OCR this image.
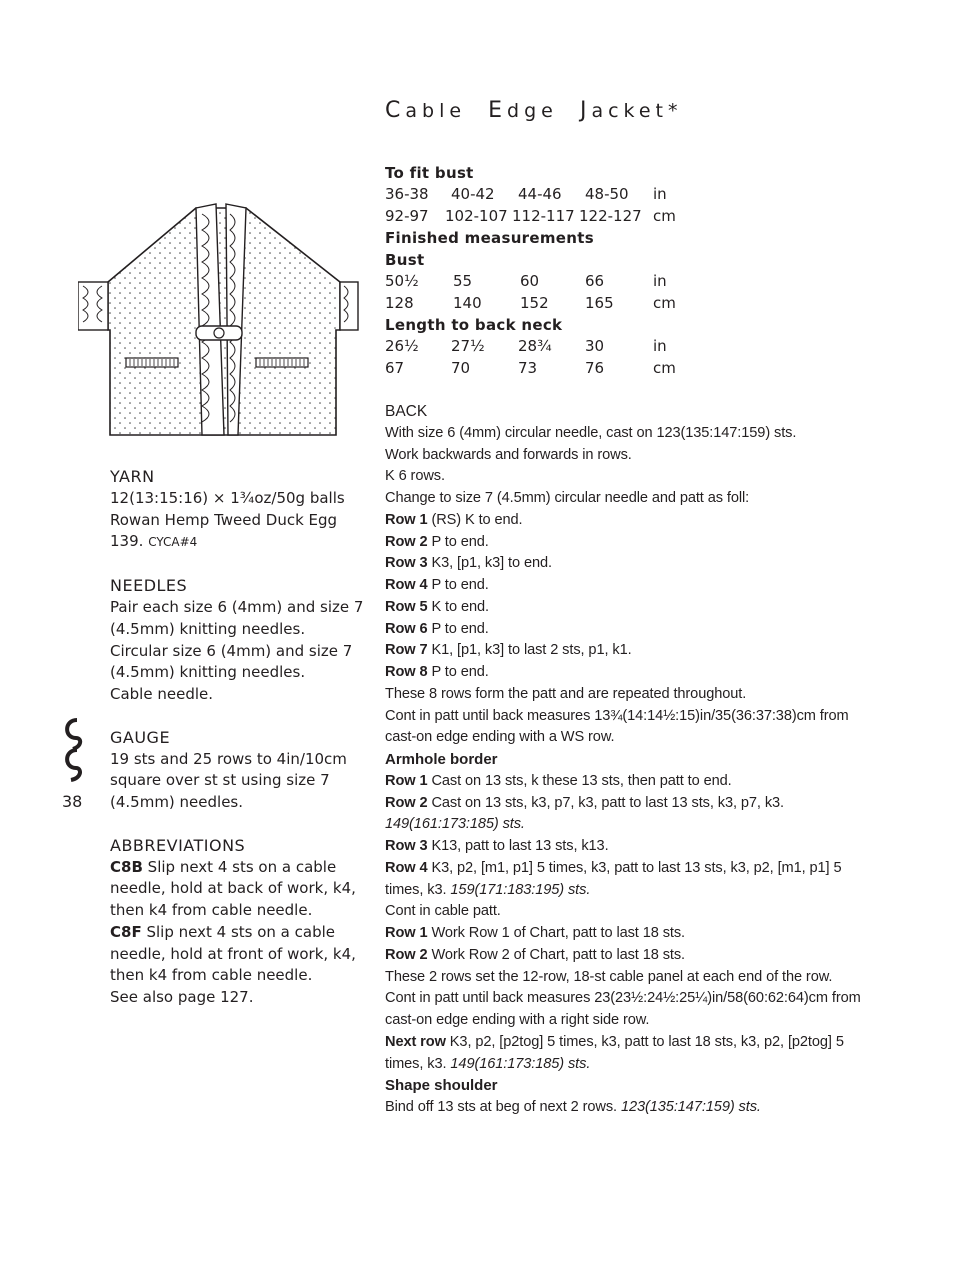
Cable Edge Jacket*
To fit bust
36-38 40-42 44-46 48-50 in
92-97 102-107 112-117 122-127 cm
Finished measurements
Bust
50½ 55	60	66	in
128	140	152 165	cm
Length to back neck
26½ 27½ 28¾ 30	in
67	70	73	76	cm
YARN
12(13:15:16) × 1¾oz/50g balls
Rowan Hemp Tweed Duck Egg
139. CYCA#4
NEEDLES
Pair each size 6 (4mm) and size 7
(4.5mm) knitting needles.
Circular size 6 (4mm) and size 7
(4.5mm) knitting needles.
Cable needle.
GAUGE
19 sts and 25 rows to 4in/10cm
square over st st using size 7
(4.5mm) needles.
ABBREVIATIONS
C8B Slip next 4 sts on a cable
needle, hold at back of work, k4,
then k4 from cable needle.
C8F Slip next 4 sts on a cable
needle, hold at front of work, k4,
then k4 from cable needle.
See also page 127.
38
BACK
With size 6 (4mm) circular needle, cast on 123(135:147:159) sts.
Work backwards and forwards in rows.
K 6 rows.
Change to size 7 (4.5mm) circular needle and patt as foll:
Row 1 (RS) K to end.
Row 2 P to end.
Row 3 K3, [p1, k3] to end.
Row 4 P to end.
Row 5 K to end.
Row 6 P to end.
Row 7 K1, [p1, k3] to last 2 sts, p1, k1.
Row 8 P to end.
These 8 rows form the patt and are repeated throughout.
Cont in patt until back measures 13¾(14:14½:15)in/35(36:37:38)cm from
cast-on edge ending with a WS row.
Armhole border
Row 1 Cast on 13 sts, k these 13 sts, then patt to end.
Row 2 Cast on 13 sts, k3, p7, k3, patt to last 13 sts, k3, p7, k3.
149(161:173:185) sts.
Row 3 K13, patt to last 13 sts, k13.
Row 4 K3, p2, [m1, p1] 5 times, k3, patt to last 13 sts, k3, p2, [m1, p1] 5
times, k3. 159(171:183:195) sts.
Cont in cable patt.
Row 1 Work Row 1 of Chart, patt to last 18 sts.
Row 2 Work Row 2 of Chart, patt to last 18 sts.
These 2 rows set the 12-row, 18-st cable panel at each end of the row.
Cont in patt until back measures 23(23½:24½:25¼)in/58(60:62:64)cm from
cast-on edge ending with a right side row.
Next row K3, p2, [p2tog] 5 times, k3, patt to last 18 sts, k3, p2, [p2tog] 5
times, k3. 149(161:173:185) sts.
Shape shoulder
Bind off 13 sts at beg of next 2 rows. 123(135:147:159) sts.
